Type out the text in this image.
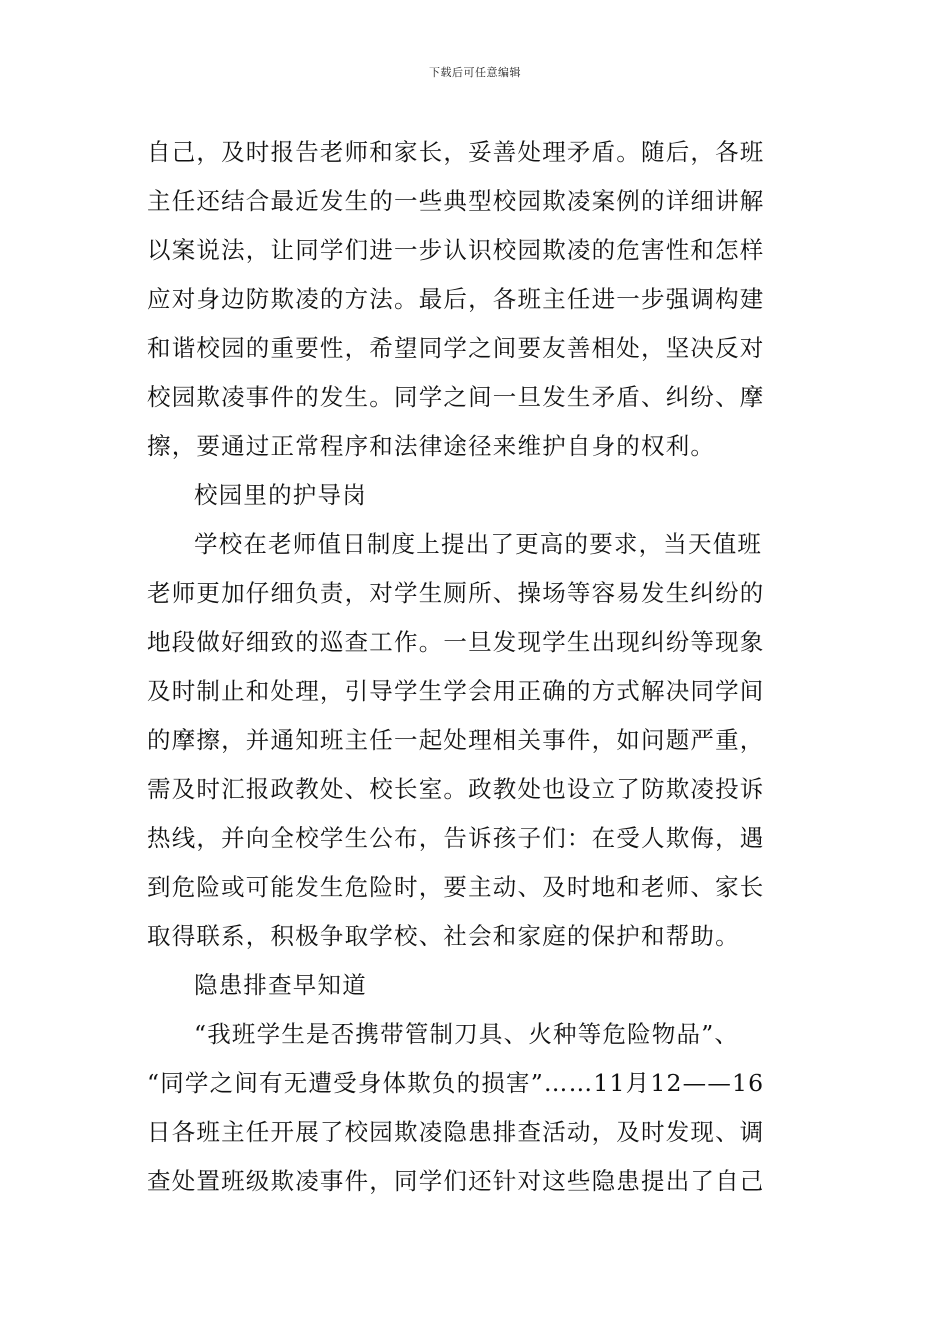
下载后可任意编辑
自己，及时报告老师和家长，妥善处理矛盾。随后，各班
主任还结合最近发生的一些典型校园欺凌案例的详细讲解
以案说法，让同学们进一步认识校园欺凌的危害性和怎样
应对身边防欺凌的方法。最后，各班主任进一步强调构建
和谐校园的重要性，希望同学之间要友善相处，坚决反对
校园欺凌事件的发生。同学之间一旦发生矛盾、纠纷、摩
擦，要通过正常程序和法律途径来维护自身的权利。
校园里的护导岗
学校在老师值日制度上提出了更高的要求，当天值班
老师更加仔细负责，对学生厕所、操场等容易发生纠纷的
地段做好细致的巡查工作。一旦发现学生出现纠纷等现象
及时制止和处理，引导学生学会用正确的方式解决同学间
的摩擦，并通知班主任一起处理相关事件，如问题严重，
需及时汇报政教处、校长室。政教处也设立了防欺凌投诉
热线，并向全校学生公布，告诉孩子们：在受人欺侮，遇
到危险或可能发生危险时，要主动、及时地和老师、家长
取得联系，积极争取学校、社会和家庭的保护和帮助。
隐患排查早知道
“我班学生是否携带管制刀具、火种等危险物品”、
“同学之间有无遭受身体欺负的损害”……11月12——16
日各班主任开展了校园欺凌隐患排查活动，及时发现、调
查处置班级欺凌事件，同学们还针对这些隐患提出了自己
